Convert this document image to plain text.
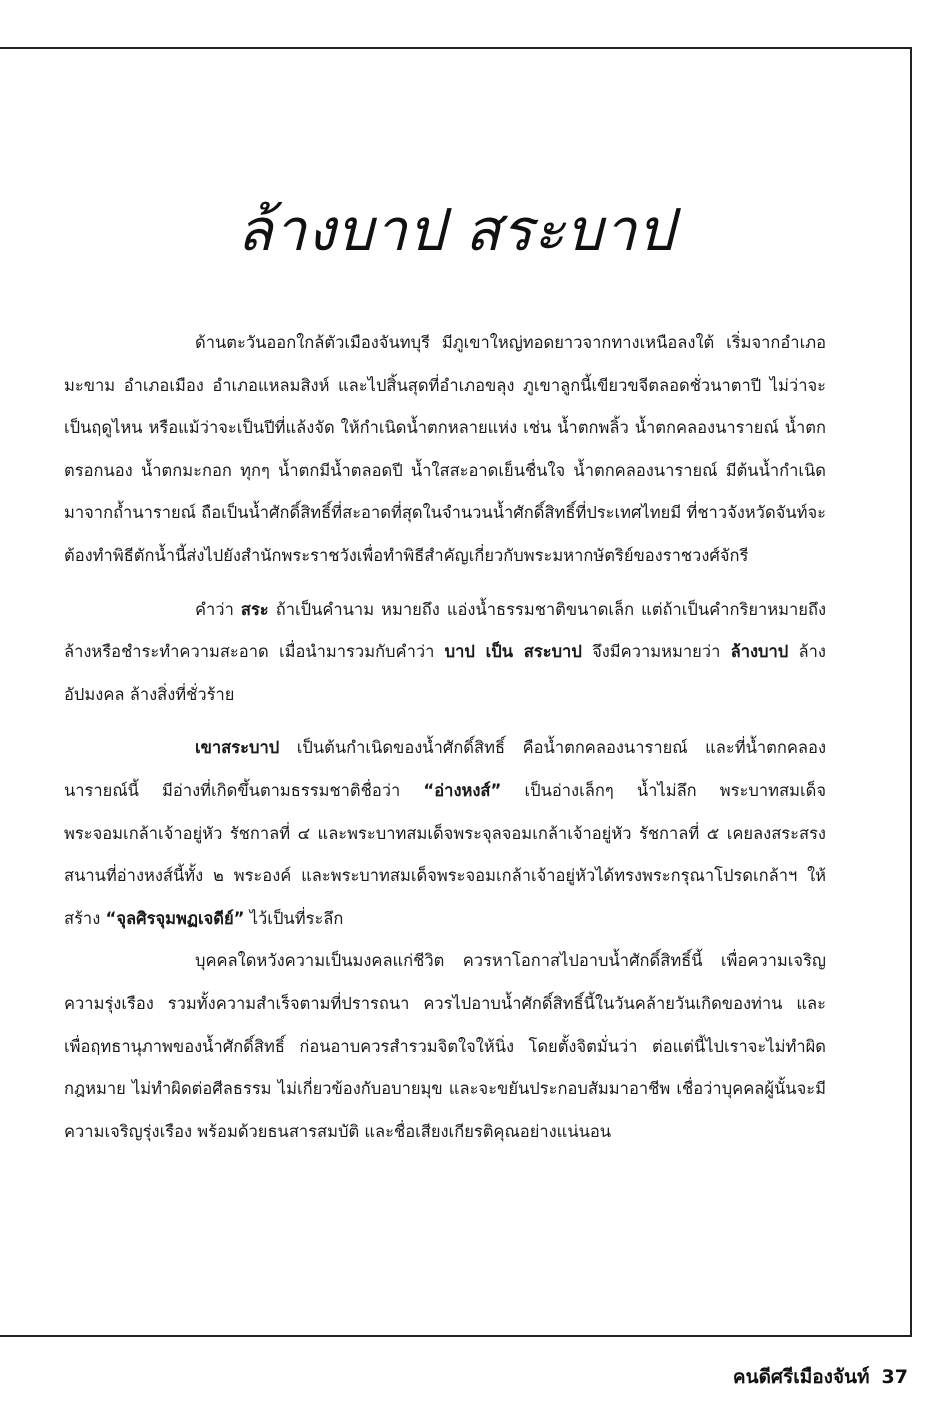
ล้างบาป สระบาป

ด้านตะวันออกใกล้ตัวเมืองจันทบุรี มีภูเขาใหญ่ทอดยาวจากทางเหนือลงใต้ เริ่มจากอำเภอมะขาม อำเภอเมือง อำเภอแหลมสิงห์ และไปสิ้นสุดที่อำเภอขลุง ภูเขาลูกนี้เขียวขจีตลอดชั่วนาตาปี ไม่ว่าจะเป็นฤดูไหน หรือแม้ว่าจะเป็นปีที่แล้งจัด ให้กำเนิดน้ำตกหลายแห่ง เช่น น้ำตกพลิ้ว น้ำตกคลองนารายณ์ น้ำตกตรอกนอง น้ำตกมะกอก ทุกๆ น้ำตกมีน้ำตลอดปี น้ำใสสะอาดเย็นชื่นใจ น้ำตกคลองนารายณ์ มีต้นน้ำกำเนิดมาจากถ้ำนารายณ์ ถือเป็นน้ำศักดิ์สิทธิ์ที่สะอาดที่สุดในจำนวนน้ำศักดิ์สิทธิ์ที่ประเทศไทยมี ที่ชาวจังหวัดจันท์จะต้องทำพิธีตักน้ำนี้ส่งไปยังสำนักพระราชวังเพื่อทำพิธีสำคัญเกี่ยวกับพระมหากษัตริย์ของราชวงศ์จักรี

คำว่า สระ ถ้าเป็นคำนาม หมายถึง แอ่งน้ำธรรมชาติขนาดเล็ก แต่ถ้าเป็นคำกริยาหมายถึง ล้างหรือชำระทำความสะอาด เมื่อนำมารวมกับคำว่า บาป เป็น สระบาป จึงมีความหมายว่า ล้างบาป ล้างอัปมงคล ล้างสิ่งที่ชั่วร้าย

เขาสระบาป เป็นต้นกำเนิดของน้ำศักดิ์สิทธิ์ คือน้ำตกคลองนารายณ์ และที่น้ำตกคลองนารายณ์นี้ มีอ่างที่เกิดขึ้นตามธรรมชาติชื่อว่า “อ่างหงส์” เป็นอ่างเล็กๆ น้ำไม่ลึก พระบาทสมเด็จพระจอมเกล้าเจ้าอยู่หัว รัชกาลที่ ๔ และพระบาทสมเด็จพระจุลจอมเกล้าเจ้าอยู่หัว รัชกาลที่ ๕ เคยลงสระสรงสนานที่อ่างหงส์นี้ทั้ง ๒ พระองค์ และพระบาทสมเด็จพระจอมเกล้าเจ้าอยู่หัวได้ทรงพระกรุณาโปรดเกล้าฯ ให้สร้าง “จุลศิรจุมพฏเจดีย์” ไว้เป็นที่ระลึก

บุคคลใดหวังความเป็นมงคลแก่ชีวิต ควรหาโอกาสไปอาบน้ำศักดิ์สิทธิ์นี้ เพื่อความเจริญ ความรุ่งเรือง รวมทั้งความสำเร็จตามที่ปรารถนา ควรไปอาบน้ำศักดิ์สิทธิ์นี้ในวันคล้ายวันเกิดของท่าน และเพื่อฤทธานุภาพของน้ำศักดิ์สิทธิ์ ก่อนอาบควรสำรวมจิตใจให้นิ่ง โดยตั้งจิตมั่นว่า ต่อแต่นี้ไปเราจะไม่ทำผิดกฎหมาย ไม่ทำผิดต่อศีลธรรม ไม่เกี่ยวข้องกับอบายมุข และจะขยันประกอบสัมมาอาชีพ เชื่อว่าบุคคลผู้นั้นจะมีความเจริญรุ่งเรือง พร้อมด้วยธนสารสมบัติ และชื่อเสียงเกียรติคุณอย่างแน่นอน

คนดีศรีเมืองจันท์ 37
